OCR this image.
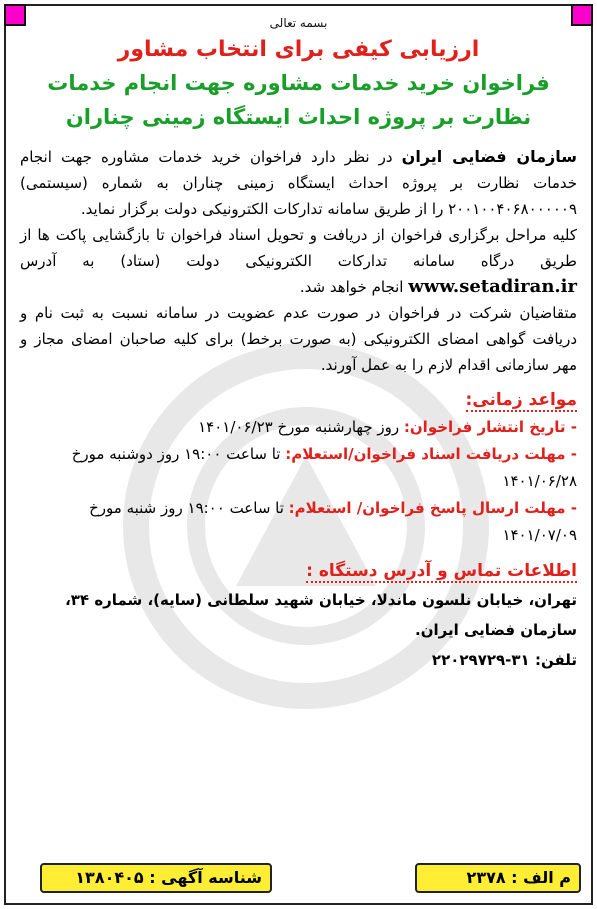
بسمه تعالی
ارزیابی کیفی برای انتخاب مشاور
فراخوان خرید خدمات مشاوره جهت انجام خدمات
نظارت بر پروژه احداث ایستگاه زمینی چناران
سازمان فضایی ایران در نظر دارد فراخوان خرید خدمات مشاوره جهت انجام خدمات نظارت بر پروژه احداث ایستگاه زمینی چناران به شماره (سیستمی) ۲۰۰۱۰۰۴۰۶۸۰۰۰۰۰۹ را از طریق سامانه تدارکات الکترونیکی دولت برگزار نماید.
کلیه مراحل برگزاری فراخوان از دریافت و تحویل اسناد فراخوان تا بازگشایی پاکت ها از طریق درگاه سامانه تدارکات الکترونیکی دولت (ستاد) به آدرس www.setadiran.ir انجام خواهد شد.
متقاضیان شرکت در فراخوان در صورت عدم عضویت در سامانه نسبت به ثبت نام و دریافت گواهی امضای الکترونیکی (به صورت برخط) برای کلیه صاحبان امضای مجاز و مهر سازمانی اقدام لازم را به عمل آورند.
مواعد زمانی:
- تاریخ انتشار فراخوان: روز چهارشنبه مورخ ۱۴۰۱/۰۶/۲۳
- مهلت دریافت اسناد فراخوان/استعلام: تا ساعت ۱۹:۰۰ روز دوشنبه مورخ ۱۴۰۱/۰۶/۲۸
- مهلت ارسال پاسخ فراخوان/ استعلام: تا ساعت ۱۹:۰۰ روز شنبه مورخ ۱۴۰۱/۰۷/۰۹
اطلاعات تماس و آدرس دستگاه :
تهران، خیابان نلسون ماندلا، خیابان شهید سلطانی (سایه)، شماره ۳۴، سازمان فضایی ایران.
تلفن: ۳۱-۲۲۰۲۹۷۲۹
م الف : ۲۳۷۸
شناسه آگهی : ۱۳۸۰۴۰۵
